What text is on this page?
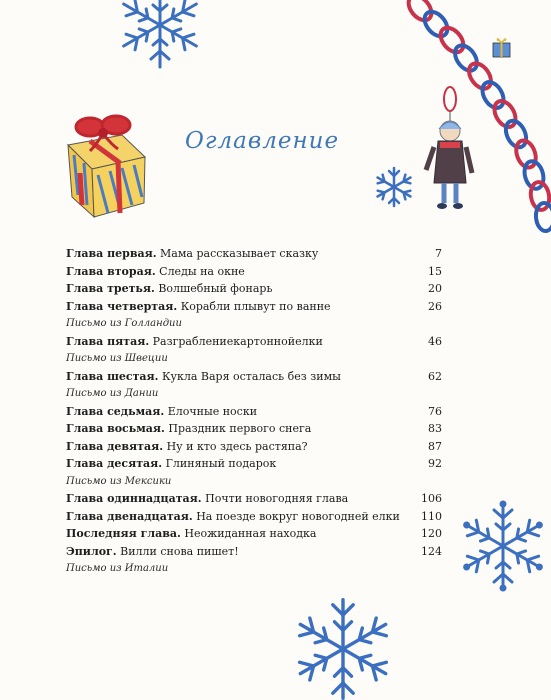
Оглавление
Глава первая. Мама рассказывает сказку	7
Глава вторая. Следы на окне	15
Глава третья. Волшебный фонарь	20
Глава четвертая. Корабли плывут по ванне	26
Письмо из Голландии
Глава пятая. Разграблениекартоннойелки	46
Письмо из Швеции
Глава шестая. Кукла Варя осталась без зимы	62
Письмо из Дании
Глава седьмая. Елочные носки	76
Глава восьмая. Праздник первого снега	83
Глава девятая. Ну и кто здесь растяпа?	87
Глава десятая. Глиняный подарок	92
Письмо из Мексики
Глава одиннадцатая. Почти новогодняя глава	106
Глава двенадцатая. На поезде вокруг новогодней елки 110
Последняя глава. Неожиданная находка	120
Эпилог. Вилли снова пишет!	124
Письмо из Италии
